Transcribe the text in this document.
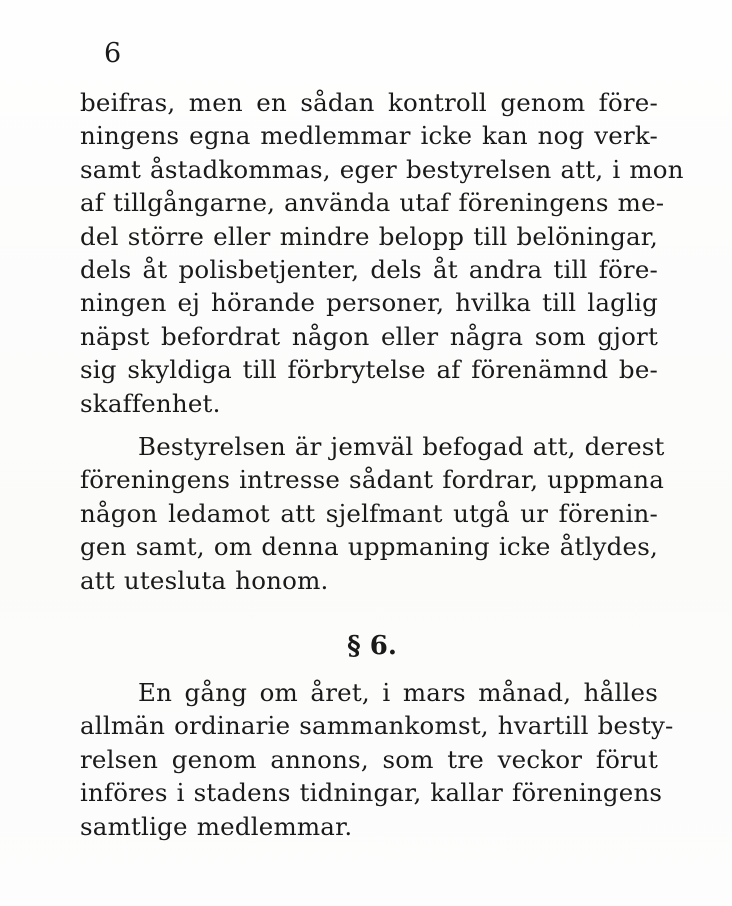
6

beifras, men en sådan kontroll genom före-
ningens egna medlemmar icke kan nog verk-
samt åstadkommas, eger bestyrelsen att, i mon
af tillgångarne, använda utaf föreningens me-
del större eller mindre belopp till belöningar,
dels åt polisbetjenter, dels åt andra till före-
ningen ej hörande personer, hvilka till laglig
näpst befordrat någon eller några som gjort
sig skyldiga till förbrytelse af förenämnd be-
skaffenhet.

Bestyrelsen är jemväl befogad att, derest
föreningens intresse sådant fordrar, uppmana
någon ledamot att sjelfmant utgå ur förenin-
gen samt, om denna uppmaning icke åtlydes,
att utesluta honom.

§ 6.

En gång om året, i mars månad, hålles
allmän ordinarie sammankomst, hvartill besty-
relsen genom annons, som tre veckor förut
införes i stadens tidningar, kallar föreningens
samtlige medlemmar.
